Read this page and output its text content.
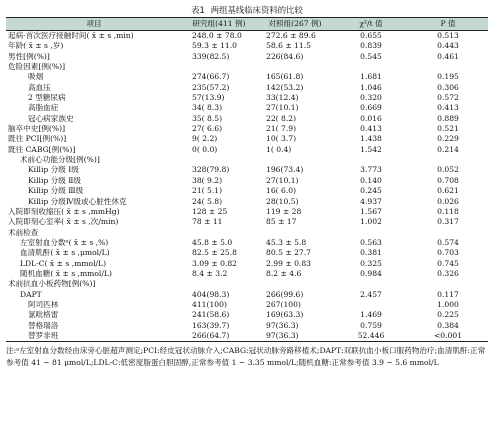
表1 两组基线临床资料的比较
项目	研究组(411 例)	对照组(267 例)	χ²/t 值	P 值
起病-首次医疗接触时间( x̄ ± s ,min)	248.0 ± 78.0	272.6 ± 89.6	0.655	0.513
年龄( x̄ ± s ,岁)	59.3 ± 11.0	58.6 ± 11.5	0.839	0.443
男性[例(%)]	339(82.5)	226(84.6)	0.545	0.461
危险因素[例(%)]				
吸烟	274(66.7)	165(61.8)	1.681	0.195
高血压	235(57.2)	142(53.2)	1.046	0.306
2 型糖尿病	57(13.9)	33(12.4)	0.320	0.572
高脂血症	34( 8.3)	27(10.1)	0.669	0.413
冠心病家族史	35( 8.5)	22( 8.2)	0.016	0.889
脑卒中史[例(%)]	27( 6.6)	21( 7.9)	0.413	0.521
既往 PCI[例(%)]	9( 2.2)	10( 3.7)	1.438	0.229
既往 CABG[例(%)]	0( 0.0)	1( 0.4)	1.542	0.214
术前心功能分级[例(%)]				
Killip 分级 Ⅰ级	328(79.8)	196(73.4)	3.773	0.052
Killip 分级 Ⅱ级	38( 9.2)	27(10.1)	0.140	0.708
Killip 分级 Ⅲ级	21( 5.1)	16( 6.0)	0.245	0.621
Killip 分级Ⅳ级或心脏性休克	24( 5.8)	28(10.5)	4.937	0.026
入院即刻收缩压( x̄ ± s ,mmHg)	128 ± 25	119 ± 28	1.567	0.118
入院即刻心室率( x̄ ± s ,次/min)	78 ± 11	85 ± 17	1.002	0.317
术前检查				
左室射血分数ᵃ( x̄ ± s ,%)	45.8 ± 5.0	45.3 ± 5.8	0.563	0.574
血清肌酐( x̄ ± s ,μmol/L)	82.5 ± 25.8	80.5 ± 27.7	0.381	0.703
LDL-C( x̄ ± s ,mmol/L)	3.09 ± 0.82	2.99 ± 0.83	0.325	0.745
随机血糖( x̄ ± s ,mmol/L)	8.4 ± 3.2	8.2 ± 4.6	0.984	0.326
术前抗血小板药物[例(%)]				
DAPT	404(98.3)	266(99.6)	2.457	0.117
阿司匹林	411(100)	267(100)		1.000
氯吡格雷	241(58.6)	169(63.3)	1.469	0.225
替格瑞洛	163(39.7)	97(36.3)	0.759	0.384
替罗非班	266(64.7)	97(36.3)	52.446	<0.001
注:ᵃ左室射血分数经由床旁心脏超声测定;PCI:经皮冠状动脉介入;CABG:冠状动脉旁路移植术;DAPT:双联抗血小板口服药物治疗;血清肌酐:正常参考值 41 ~ 81 μmol/L;LDL-C:低密度脂蛋白胆固醇,正常参考值 1 ~ 3.35 mmol/L;随机血糖:正常参考值 3.9 ~ 5.6 mmol/L
